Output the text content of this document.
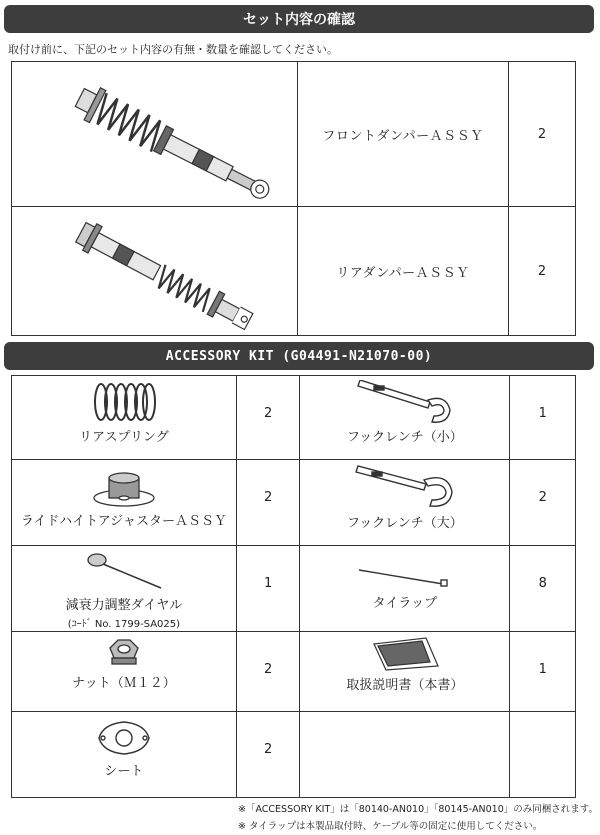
セット内容の確認
取付け前に、下記のセット内容の有無・数量を確認してください。
	フロントダンパーＡＳＳＹ	2
	リアダンパーＡＳＳＹ	2
ACCESSORY KIT (G04491-N21070-00)
リアスプリング	2	フックレンチ（小）	1

ライドハイトアジャスターＡＳＳＹ	2	フックレンチ（大）	2

減衰力調整ダイヤル
(ｺｰﾄﾞ No. 1799-SA025)	1	タイラップ	8

ナット（Ｍ１２）	2	取扱説明書（本書）	1

シート	2		
※「ACCESSORY KIT」は「80140-AN010」「80145-AN010」のみ同梱されます。
※ タイラップは本製品取付時、ケーブル等の固定に使用してください。
